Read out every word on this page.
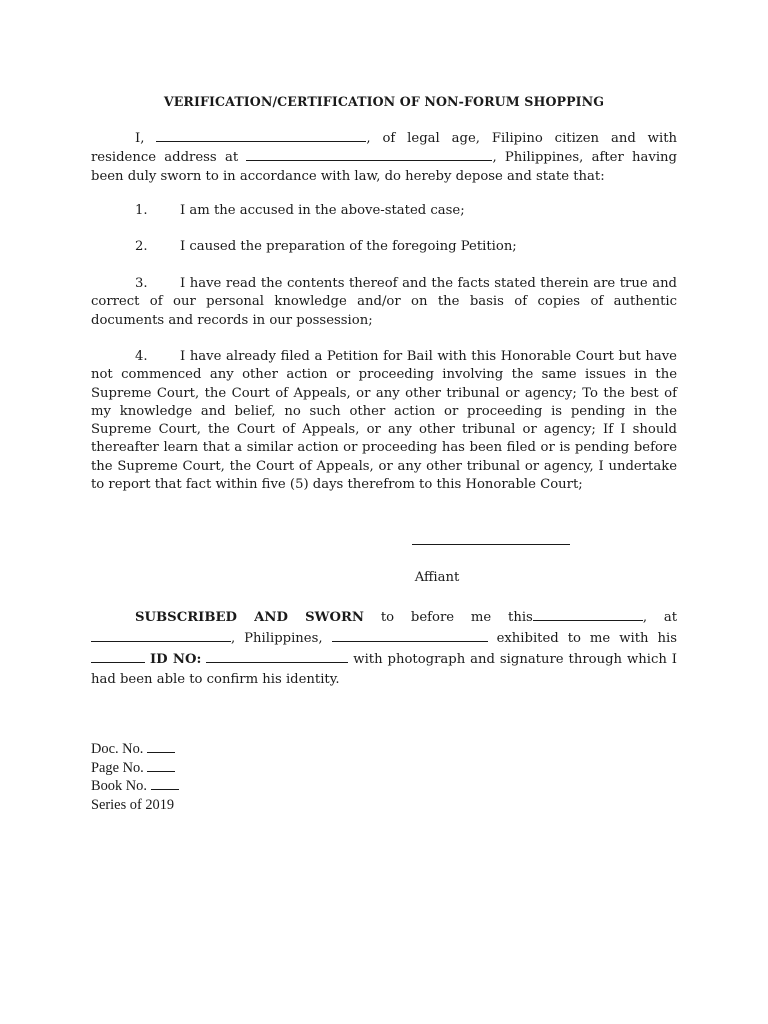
VERIFICATION/CERTIFICATION OF NON-FORUM SHOPPING

I,	, of legal age, Filipino citizen and with residence address at	, Philippines, after having been duly sworn to in accordance with law, do hereby depose and state that:

1. I am the accused in the above-stated case;

2. I caused the preparation of the foregoing Petition;

3. I have read the contents thereof and the facts stated therein are true and correct of our personal knowledge and/or on the basis of copies of authentic documents and records in our possession;

4. I have already filed a Petition for Bail with this Honorable Court but have not commenced any other action or proceeding involving the same issues in the Supreme Court, the Court of Appeals, or any other tribunal or agency; To the best of my knowledge and belief, no such other action or proceeding is pending in the Supreme Court, the Court of Appeals, or any other tribunal or agency; If I should thereafter learn that a similar action or proceeding has been filed or is pending before the Supreme Court, the Court of Appeals, or any other tribunal or agency, I undertake to report that fact within five (5) days therefrom to this Honorable Court;

Affiant

SUBSCRIBED AND SWORN to before me this	, at , Philippines,	exhibited to me with his  ID NO:	with photograph and signature through which I had been able to confirm his identity.

Doc. No.
Page No.
Book No.
Series of 2019
